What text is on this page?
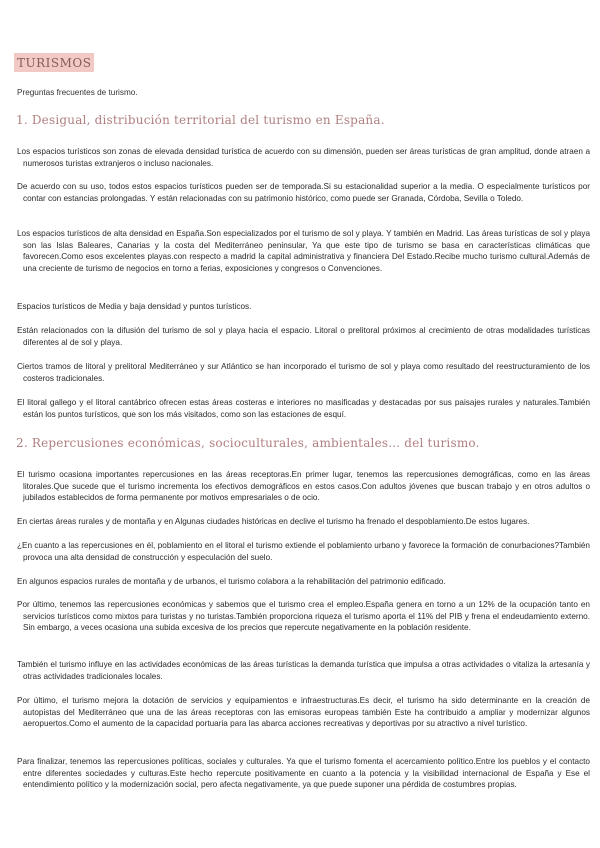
TURISMOS
Preguntas frecuentes de turismo.
1. Desigual, distribución territorial del turismo en España.

Los espacios turísticos son zonas de elevada densidad turística de acuerdo con su dimensión, pueden ser áreas turísticas de gran amplitud, donde atraen a numerosos turistas extranjeros o incluso nacionales.

De acuerdo con su uso, todos estos espacios turísticos pueden ser de temporada.Si su estacionalidad superior a la media. O especialmente turísticos por contar con estancias prolongadas. Y están relacionadas con su patrimonio histórico, como puede ser Granada, Córdoba, Sevilla o Toledo.

Los espacios turísticos de alta densidad en España.Son especializados por el turismo de sol y playa. Y también en Madrid. Las áreas turísticas de sol y playa son las Islas Baleares, Canarias y la costa del Mediterráneo peninsular, Ya que este tipo de turismo se basa en características climáticas que favorecen.Como esos excelentes playas.con respecto a madrid la capital administrativa y financiera Del Estado.Recibe mucho turismo cultural.Además de una creciente de turismo de negocios en torno a ferias, exposiciones y congresos o Convenciones.

Espacios turísticos de Media y baja densidad y puntos turísticos.

Están relacionados con la difusión del turismo de sol y playa hacia el espacio. Litoral o prelitoral próximos al crecimiento de otras modalidades turísticas diferentes al de sol y playa.

Ciertos tramos de litoral y prelitoral Mediterráneo y sur Atlántico se han incorporado el turismo de sol y playa como resultado del reestructuramiento de los costeros tradicionales.

El litoral gallego y el litoral cantábrico ofrecen estas áreas costeras e interiores no masificadas y destacadas por sus paisajes rurales y naturales.También están los puntos turísticos, que son los más visitados, como son las estaciones de esquí.

2. Repercusiones económicas, socioculturales, ambientales... del turismo.

El turismo ocasiona importantes repercusiones en las áreas receptoras.En primer lugar, tenemos las repercusiones demográficas, como en las áreas litorales.Que sucede que el turismo incrementa los efectivos demográficos en estos casos.Con adultos jóvenes que buscan trabajo y en otros adultos o jubilados establecidos de forma permanente por motivos empresariales o de ocio.

En ciertas áreas rurales y de montaña y en Algunas ciudades históricas en declive el turismo ha frenado el despoblamiento.De estos lugares.

¿En cuanto a las repercusiones en él, poblamiento en el litoral el turismo extiende el poblamiento urbano y favorece la formación de conurbaciones?También provoca una alta densidad de construcción y especulación del suelo.

En algunos espacios rurales de montaña y de urbanos, el turismo colabora a la rehabilitación del patrimonio edificado.

Por último, tenemos las repercusiones económicas y sabemos que el turismo crea el empleo.España genera en torno a un 12% de la ocupación tanto en servicios turísticos como mixtos para turistas y no turistas.También proporciona riqueza el turismo aporta el 11% del PIB y frena el endeudamiento externo. Sin embargo, a veces ocasiona una subida excesiva de los precios que repercute negativamente en la población residente.

También el turismo influye en las actividades económicas de las áreas turísticas la demanda turística que impulsa a otras actividades o vitaliza la artesanía y otras actividades tradicionales locales.

Por último, el turismo mejora la dotación de servicios y equipamientos e infraestructuras.Es decir, el turismo ha sido determinante en la creación de autopistas del Mediterráneo que una de las áreas receptoras con las emisoras europeas también Este ha contribuido a ampliar y modernizar algunos aeropuertos.Como el aumento de la capacidad portuaria para las abarca acciones recreativas y deportivas por su atractivo a nivel turístico.

Para finalizar, tenemos las repercusiones políticas, sociales y culturales. Ya que el turismo fomenta el acercamiento político.Entre los pueblos y el contacto entre diferentes sociedades y culturas.Este hecho repercute positivamente en cuanto a la potencia y la visibilidad internacional de España y Ese el entendimiento político y la modernización social, pero afecta negativamente, ya que puede suponer una pérdida de costumbres propias.
